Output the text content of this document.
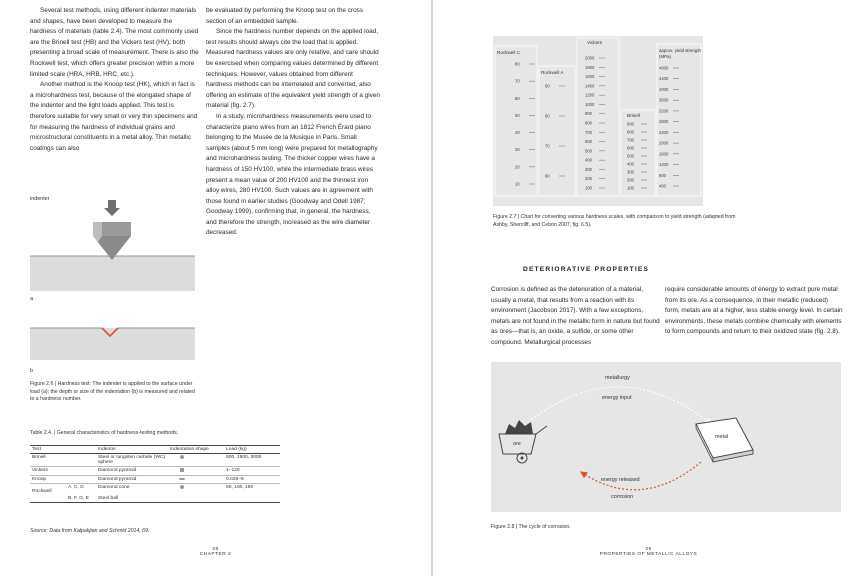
Several test methods, using different indenter materials and shapes, have been developed to measure the hardness of materials (table 2.4). The most commonly used are the Brinell test (HB) and the Vickers test (HV), both presenting a broad scale of measurement. There is also the Rockwell test, which offers greater precision within a more limited scale (HRA, HRB, HRC, etc.).

Another method is the Knoop test (HK), which in fact is a microhardness test, because of the elongated shape of the indenter and the light loads applied. This test is therefore suitable for very small or very thin specimens and for measuring the hardness of individual grains and microstructural constituents in a metal alloy. Thin metallic coatings can also

be evaluated by performing the Knoop test on the cross section of an embedded sample.

Since the hardness number depends on the applied load, test results should always cite the load that is applied. Measured hardness values are only relative, and care should be exercised when comparing values determined by different techniques. However, values obtained from different hardness methods can be interrelated and converted, also offering an estimate of the equivalent yield strength of a given material (fig. 2.7).

In a study, microhardness measurements were used to characterize piano wires from an 1812 French Érard piano belonging to the Musée de la Musique in Paris. Small samples (about 5 mm long) were prepared for metallography and microhardness testing. The thicker copper wires have a hardness of 150 HV100, while the intermediate brass wires present a mean value of 200 HV100 and the thinnest iron alloy wires, 280 HV100. Such values are in agreement with those found in earlier studies (Goodway and Odell 1987; Goodway 1999), confirming that, in general, the hardness, and therefore the strength, increased as the wire diameter decreased.

indenter
a
b
Figure 2.6 | Hardness test: The indenter is applied to the surface under load (a); the depth or size of the indentation (b) is measured and related to a hardness number.
Table 2.4. | General characteristics of hardness-testing methods.
Test		Indenter	Indentation shape	Load (kg)
Brinell		Steel or tungsten carbide (WC) sphere		500, 1500, 3000
Vickers		Diamond pyramid		1–120
Knoop		Diamond pyramid		0.025–5
Rockwell	A, C, D	Diamond cone		60, 100, 150
	B, F, G, E	Steel ball		
Source: Data from Kalpakjian and Schmid 2014, 69.
28
CHAPTER 2
80
70
60
50
40
30
20
10
90
80
70
60
2000
1800
1600
1400
1200
1000
900
800
700
600
500
400
300
200
100
900
800
700
600
500
400
300
200
100
4800
4400
4000
3600
3200
2800
2400
2000
1600
1200
800
400
Rockwell C
Rockwell A
Vickers
Brinell
approx. yield strength (MPa)
Figure 2.7 | Chart for converting various hardness scales, with comparison to yield strength (adapted from Ashby, Shercliff, and Cebon 2007, fig. 6.5).
DETERIORATIVE PROPERTIES

Corrosion is defined as the deterioration of a material, usually a metal, that results from a reaction with its environment (Jacobson 2017). With a few exceptions, metals are not found in the metallic form in nature but found as ores—that is, an oxide, a sulfide, or some other compound. Metallurgical processes

require considerable amounts of energy to extract pure metal from its ore. As a consequence, in their metallic (reduced) form, metals are at a higher, less stable energy level. In certain environments, these metals combine chemically with elements to form compounds and return to their oxidized state (fig. 2.8).

metallurgy
energy input
ore
metal
energy released
corrosion
Figure 2.8 | The cycle of corrosion.
29
PROPERTIES OF METALLIC ALLOYS
